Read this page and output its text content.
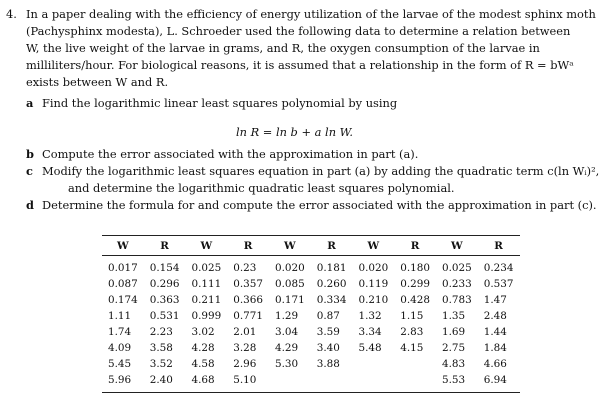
4. In a paper dealing with the efficiency of energy utilization of the larvae of the modest sphinx moth
(Pachysphinx modesta), L. Schroeder used the following data to determine a relation between
W, the live weight of the larvae in grams, and R, the oxygen consumption of the larvae in
milliliters/hour. For biological reasons, it is assumed that a relationship in the form of R = bWᵃ
exists between W and R.
a Find the logarithmic linear least squares polynomial by using
b Compute the error associated with the approximation in part (a).
c Modify the logarithmic least squares equation in part (a) by adding the quadratic term c(ln Wᵢ)²,
and determine the logarithmic quadratic least squares polynomial.
d Determine the formula for and compute the error associated with the approximation in part (c).
ln R = ln b + a ln W.
W	R	W	R	W	R	W	R	W	R
0.017	0.154	0.025	0.23	0.020	0.181	0.020	0.180	0.025	0.234
0.087	0.296	0.111	0.357	0.085	0.260	0.119	0.299	0.233	0.537
0.174	0.363	0.211	0.366	0.171	0.334	0.210	0.428	0.783	1.47
1.11	0.531	0.999	0.771	1.29	0.87	1.32	1.15	1.35	2.48
1.74	2.23	3.02	2.01	3.04	3.59	3.34	2.83	1.69	1.44
4.09	3.58	4.28	3.28	4.29	3.40	5.48	4.15	2.75	1.84
5.45	3.52	4.58	2.96	5.30	3.88			4.83	4.66
5.96	2.40	4.68	5.10					5.53	6.94
